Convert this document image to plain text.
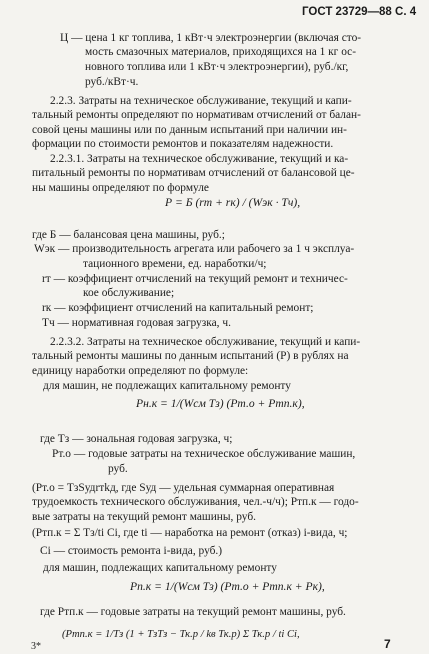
ГОСТ 23729—88 С. 4
Ц — цена 1 кг топлива, 1 кВт·ч электроэнергии (включая сто-
мость смазочных материалов, приходящихся на 1 кг ос-
новного топлива или 1 кВт·ч электроэнергии), руб./кг,
руб./кВт·ч.
2.2.3. Затраты на техническое обслуживание, текущий и капи-
тальный ремонты определяют по нормативам отчислений от балан-
совой цены машины или по данным испытаний при наличии ин-
формации по стоимости ремонтов и показателям надежности.
2.2.3.1. Затраты на техническое обслуживание, текущий и ка-
питальный ремонты по нормативам отчислений от балансовой це-
ны машины определяют по формуле
Р = Б (rт + rк) / (Wэк · Тч),
где Б — балансовая цена машины, руб.;
Wэк — производительность агрегата или рабочего за 1 ч эксплуа-
тационного времени, ед. наработки/ч;
rт — коэффициент отчислений на текущий ремонт и техничес-
кое обслуживание;
rк — коэффициент отчислений на капитальный ремонт;
Тч — нормативная годовая загрузка, ч.
2.2.3.2. Затраты на техническое обслуживание, текущий и капи-
тальный ремонты машины по данным испытаний (Р) в рублях на
единицу наработки определяют по формуле:
для машин, не подлежащих капитальному ремонту
Рн.к = 1/(Wсм Тз) (Рт.о + Ртп.к),
где Тз — зональная годовая загрузка, ч;
Рт.о — годовые затраты на техническое обслуживание машин,
руб.
(Рт.о = ТзSудrтkд, где Sуд — удельная суммарная оперативная
трудоемкость технического обслуживания, чел.-ч/ч); Ртп.к — годо-
вые затраты на текущий ремонт машины, руб.
(Ртп.к = Σ Тз/ti Ci, где ti — наработка на ремонт (отказ) i-вида, ч;
Ci — стоимость ремонта i-вида, руб.)
для машин, подлежащих капитальному ремонту
Рп.к = 1/(Wсм Тз) (Рт.о + Ртп.к + Рк),
где Ртп.к — годовые затраты на текущий ремонт машины, руб.
(Ртп.к = 1/Тз (1 + ТзТз − Тк.р / kв Тк.р) Σ Тк.р / ti Ci,
3*	7
